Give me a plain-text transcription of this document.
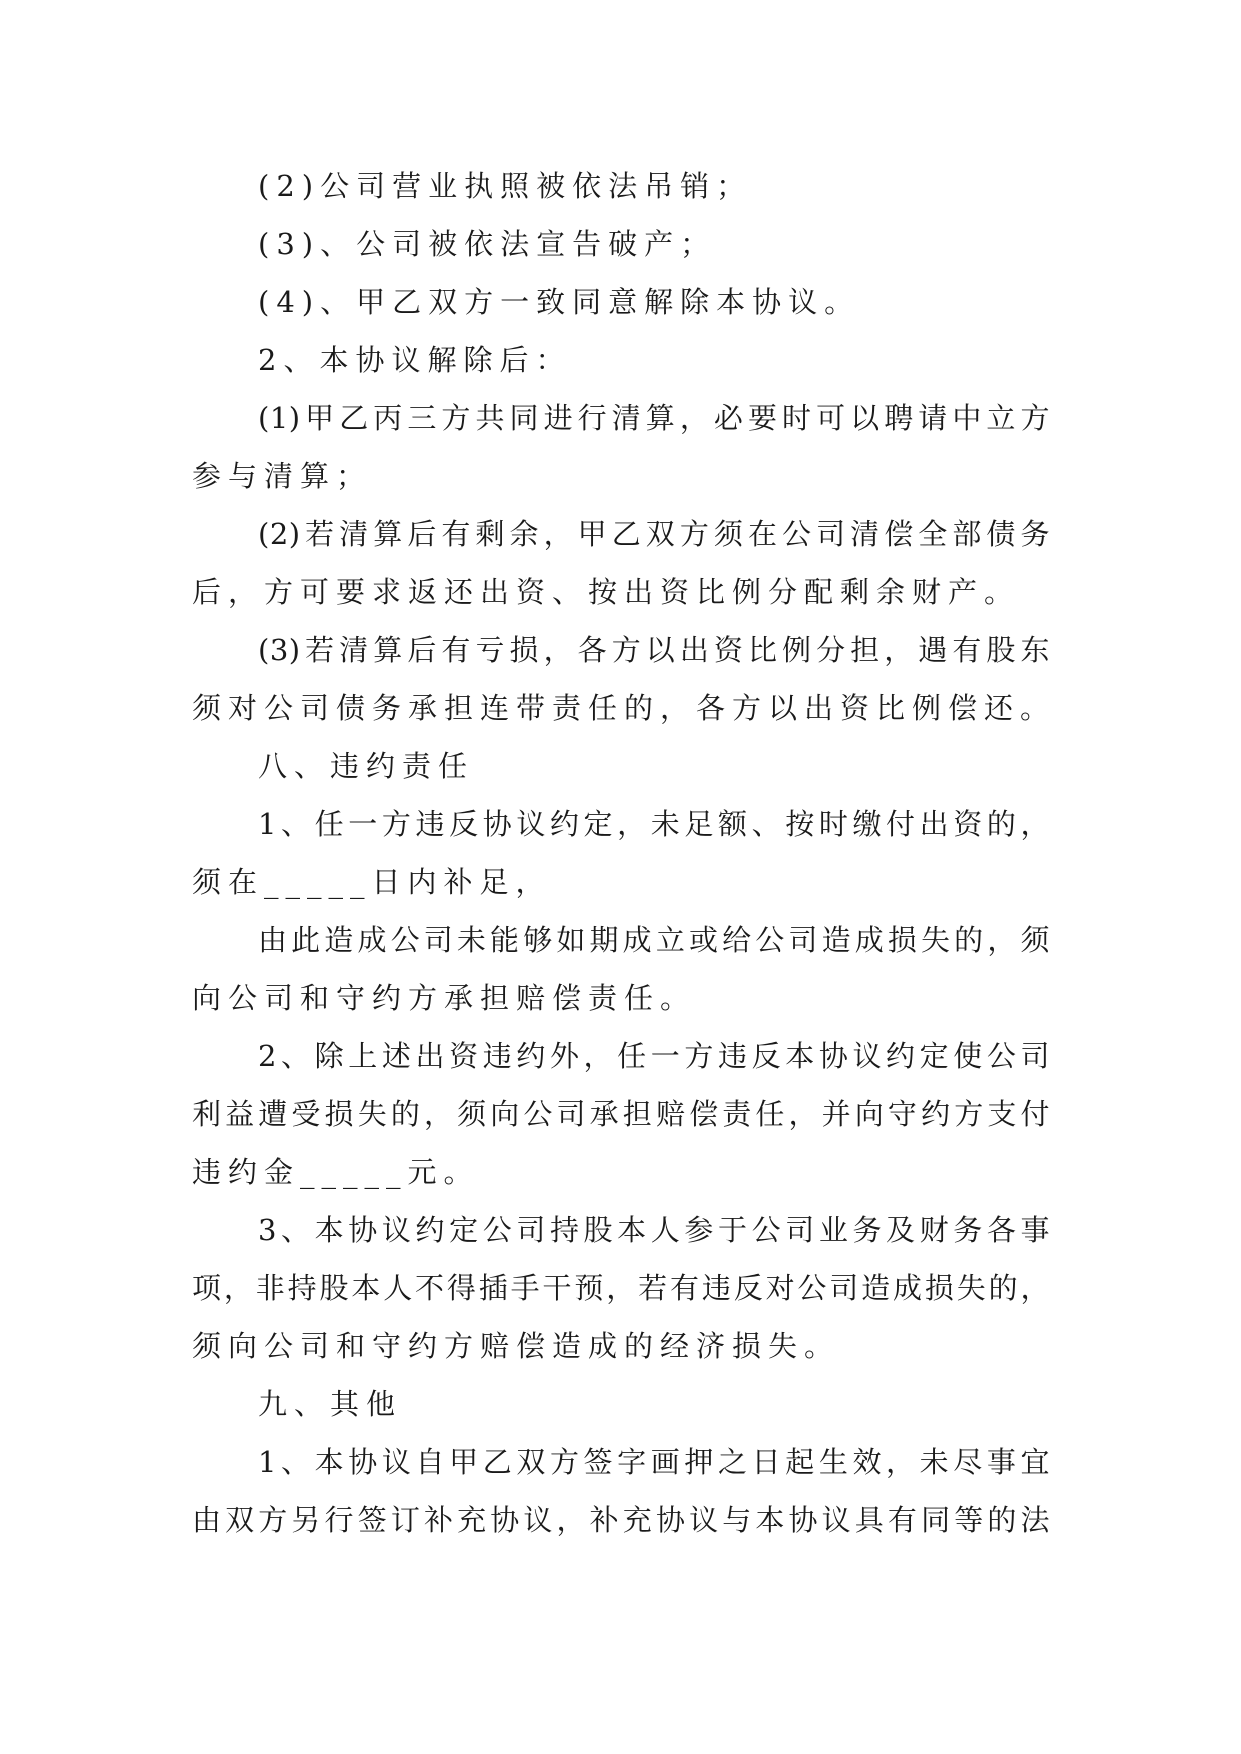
(2)公司营业执照被依法吊销；
(3)、公司被依法宣告破产；
(4)、甲乙双方一致同意解除本协议。
2、本协议解除后：
(1)甲乙丙三方共同进行清算，必要时可以聘请中立方
参与清算；
(2)若清算后有剩余，甲乙双方须在公司清偿全部债务
后，方可要求返还出资、按出资比例分配剩余财产。
(3)若清算后有亏损，各方以出资比例分担，遇有股东
须对公司债务承担连带责任的，各方以出资比例偿还。
八、违约责任
1、任一方违反协议约定，未足额、按时缴付出资的，
须在_____日内补足，
由此造成公司未能够如期成立或给公司造成损失的，须
向公司和守约方承担赔偿责任。
2、除上述出资违约外，任一方违反本协议约定使公司
利益遭受损失的，须向公司承担赔偿责任，并向守约方支付
违约金_____元。
3、本协议约定公司持股本人参于公司业务及财务各事
项，非持股本人不得插手干预，若有违反对公司造成损失的，
须向公司和守约方赔偿造成的经济损失。
九、其他
1、本协议自甲乙双方签字画押之日起生效，未尽事宜
由双方另行签订补充协议，补充协议与本协议具有同等的法
